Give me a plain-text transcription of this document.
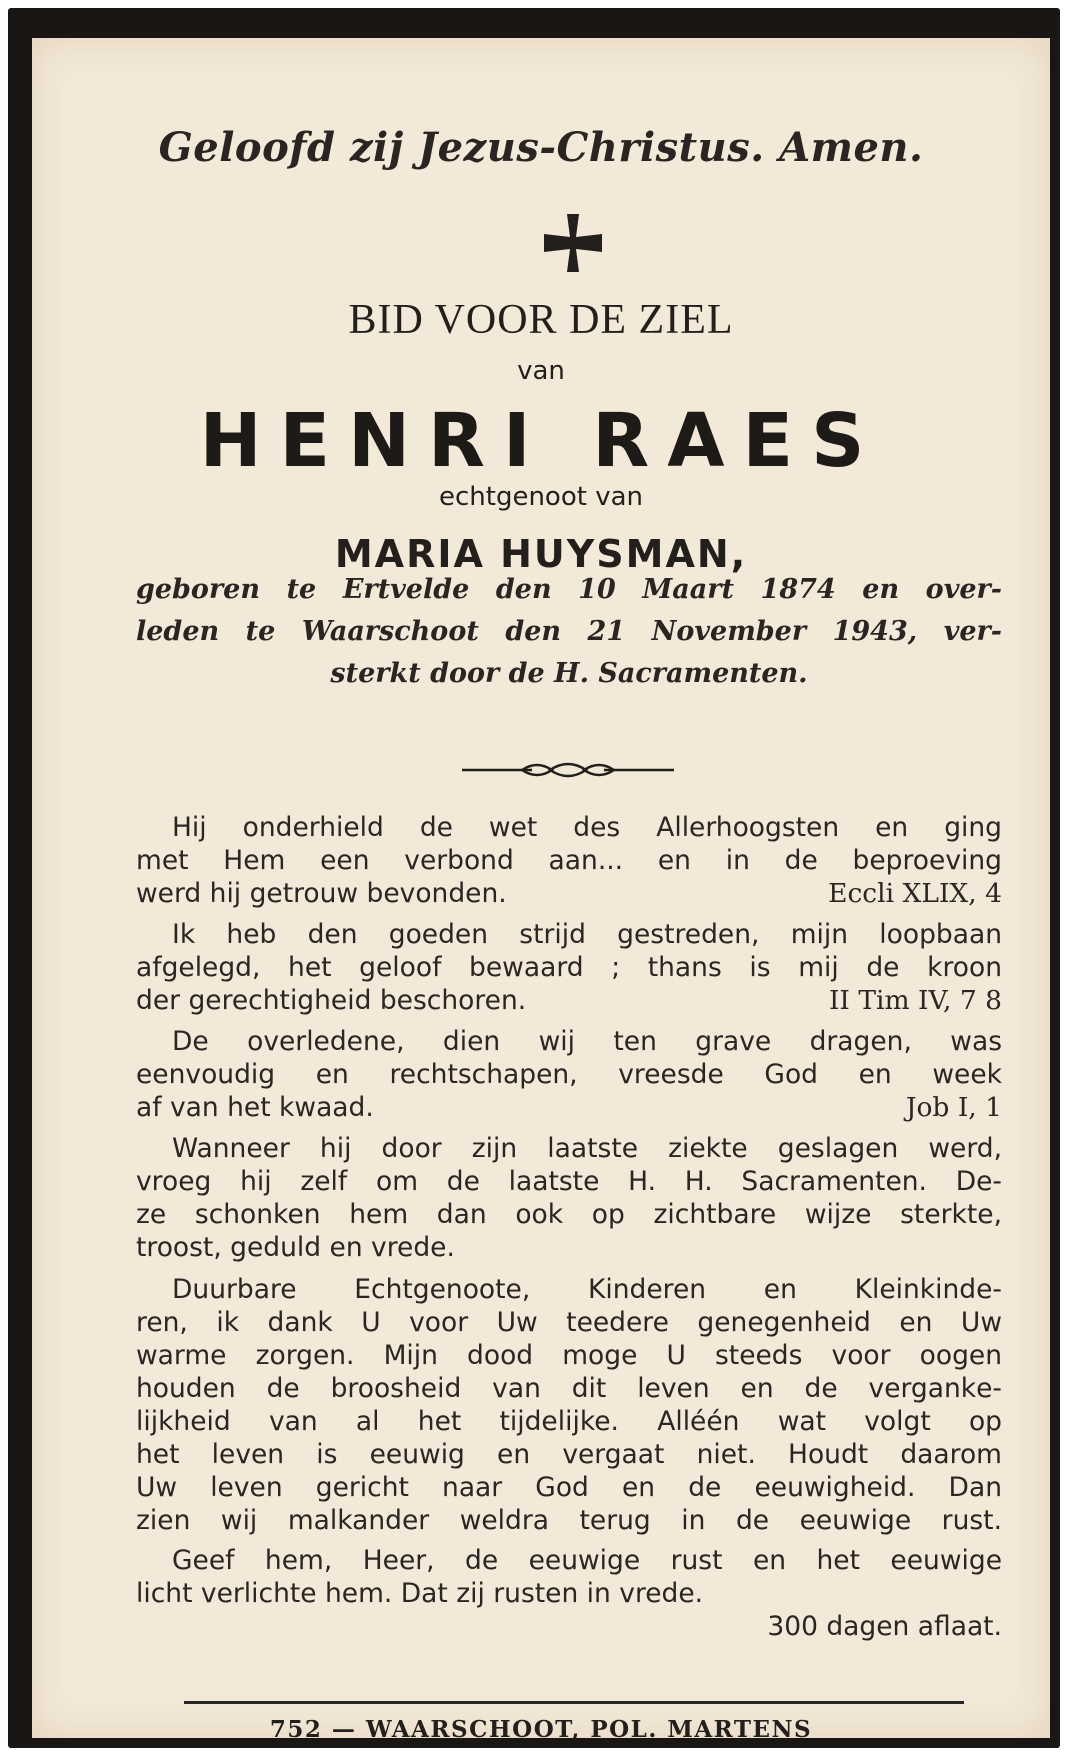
Geloofd zij Jezus-Christus. Amen.
BID VOOR DE ZIEL
van
HENRI RAES
echtgenoot van
MARIA HUYSMAN,
geboren te Ertvelde den 10 Maart 1874 en over-
leden te Waarschoot den 21 November 1943, ver-
sterkt door de H. Sacramenten.
Hij onderhield de wet des Allerhoogsten en ging
met Hem een verbond aan... en in de beproeving
werd hij getrouw bevonden.	Eccli XLIX, 4
Ik heb den goeden strijd gestreden, mijn loopbaan
afgelegd, het geloof bewaard ; thans is mij de kroon
der gerechtigheid beschoren.	II Tim IV, 7 8
De overledene, dien wij ten grave dragen, was
eenvoudig en rechtschapen, vreesde God en week
af van het kwaad.	Job I, 1
Wanneer hij door zijn laatste ziekte geslagen werd,
vroeg hij zelf om de laatste H. H. Sacramenten. De-
ze schonken hem dan ook op zichtbare wijze sterkte,
troost, geduld en vrede.
Duurbare Echtgenoote, Kinderen en Kleinkinde-
ren, ik dank U voor Uw teedere genegenheid en Uw
warme zorgen. Mijn dood moge U steeds voor oogen
houden de broosheid van dit leven en de vergankе-
lijkheid van al het tijdelijke. Alléén wat volgt op
het leven is eeuwig en vergaat niet. Houdt daarom
Uw leven gericht naar God en de eeuwigheid. Dan
zien wij malkander weldra terug in de eeuwige rust.
Geef hem, Heer, de eeuwige rust en het eeuwige
licht verlichte hem. Dat zij rusten in vrede.
300 dagen aflaat.
752 — WAARSCHOOT, POL. MARTENS
